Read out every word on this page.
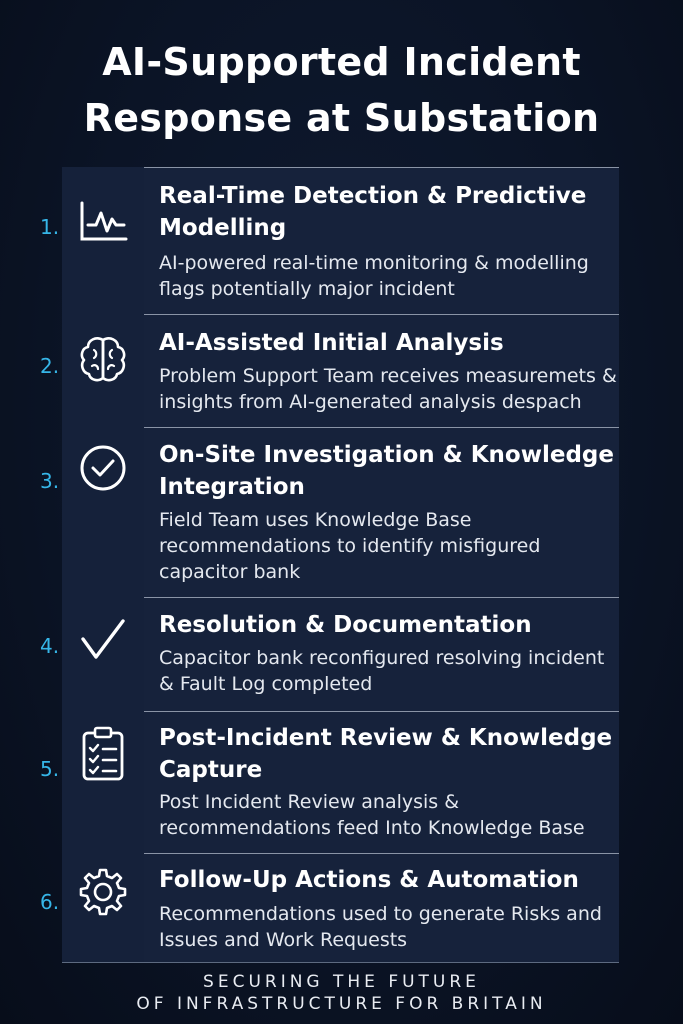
AI-Supported Incident
Response at Substation
1.
Real-Time Detection & Predictive
Modelling
AI-powered real-time monitoring & modelling
flags potentially major incident
2.
AI-Assisted Initial Analysis
Problem Support Team receives measuremets &
insights from AI-generated analysis despach
3.
On-Site Investigation & Knowledge
Integration
Field Team uses Knowledge Base
recommendations to identify misfigured
capacitor bank
4.
Resolution & Documentation
Capacitor bank reconfigured resolving incident
& Fault Log completed
5.
Post-Incident Review & Knowledge
Capture
Post Incident Review analysis &
recommendations feed Into Knowledge Base
6.
Follow-Up Actions & Automation
Recommendations used to generate Risks and
Issues and Work Requests
SECURING THE FUTURE
OF INFRASTRUCTURE FOR BRITAIN
